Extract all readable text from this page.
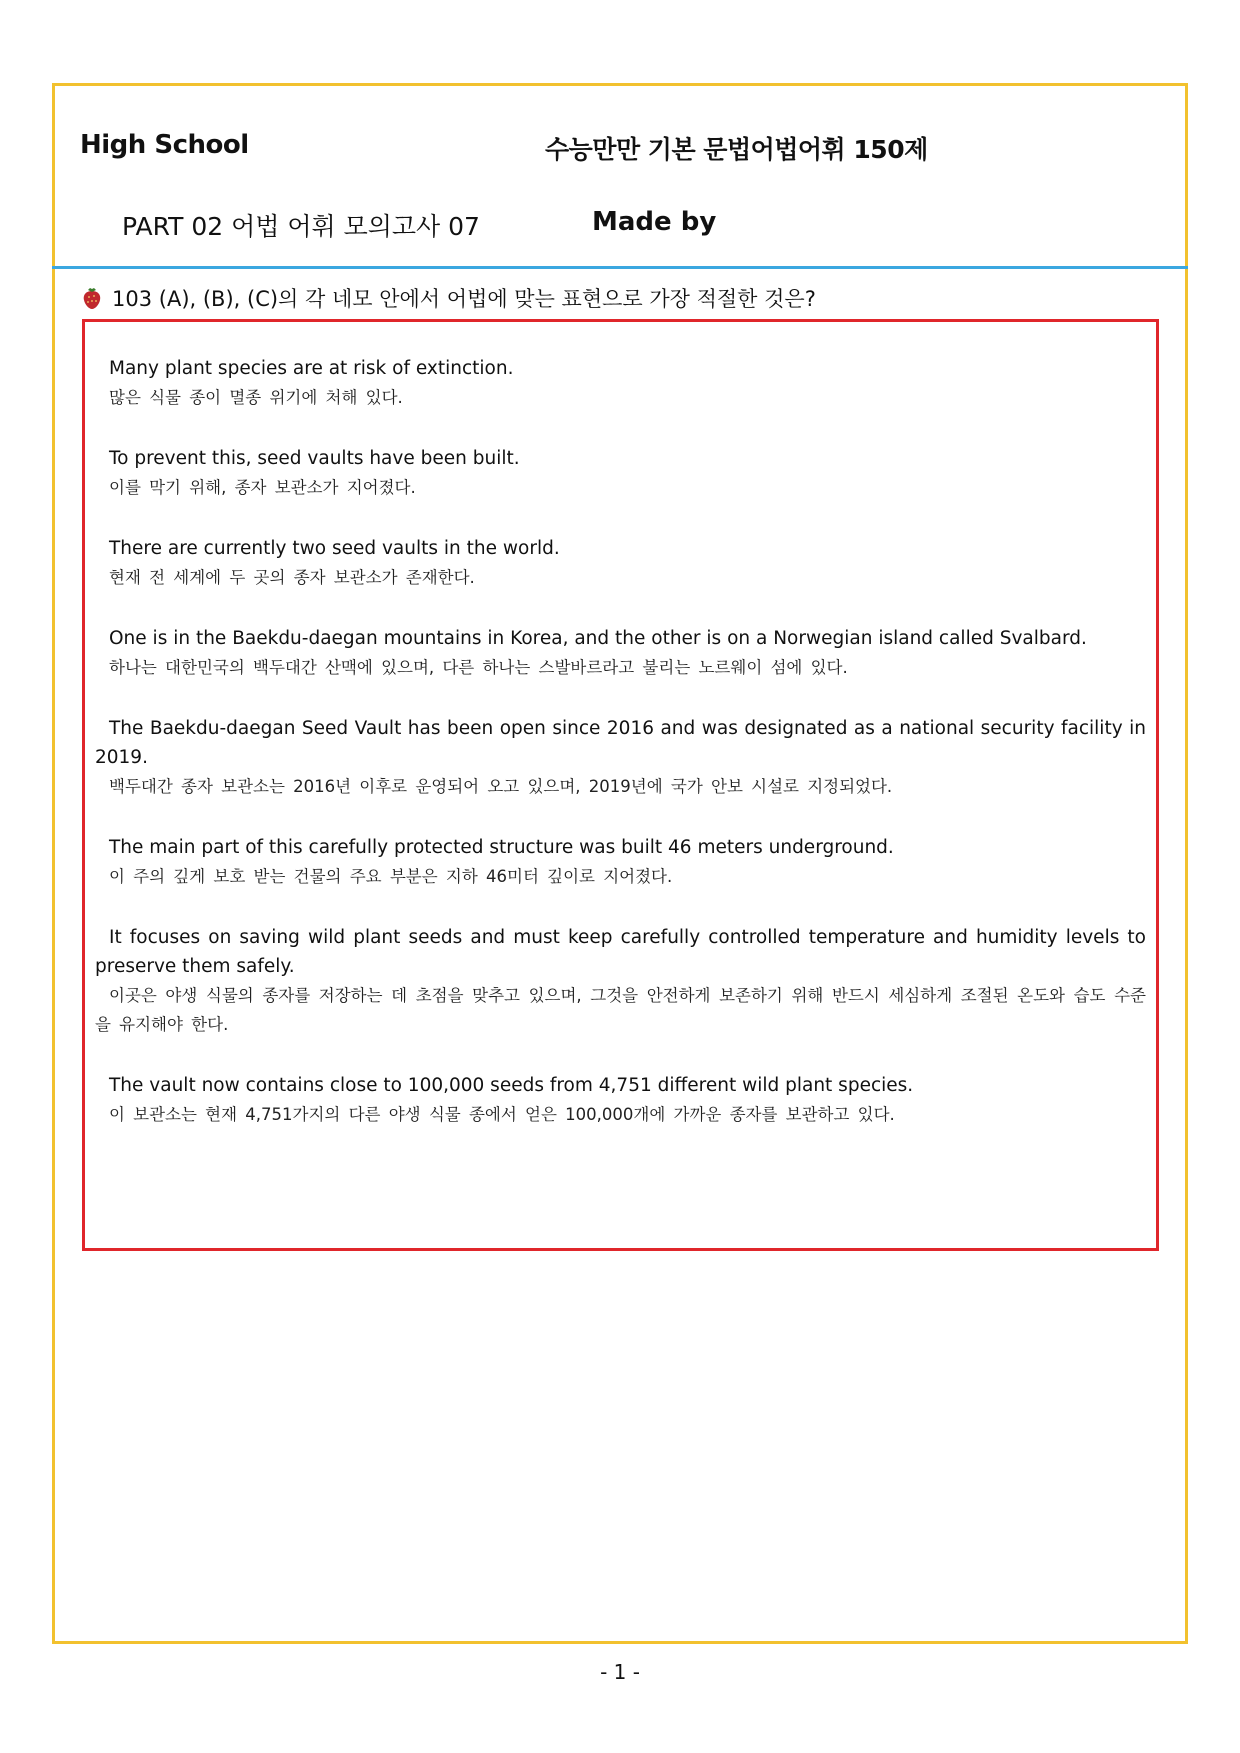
High School	수능만만 기본 문법어법어휘 150제
PART 02 어법 어휘 모의고사 07	Made by
103 (A), (B), (C)의 각 네모 안에서 어법에 맞는 표현으로 가장 적절한 것은?
Many plant species are at risk of extinction.
많은 식물 종이 멸종 위기에 처해 있다.
To prevent this, seed vaults have been built.
이를 막기 위해, 종자 보관소가 지어졌다.
There are currently two seed vaults in the world.
현재 전 세계에 두 곳의 종자 보관소가 존재한다.
One is in the Baekdu-daegan mountains in Korea, and the other is on a Norwegian island called Svalbard.
하나는 대한민국의 백두대간 산맥에 있으며, 다른 하나는 스발바르라고 불리는 노르웨이 섬에 있다.
The Baekdu-daegan Seed Vault has been open since 2016 and was designated as a national security facility in 2019.
백두대간 종자 보관소는 2016년 이후로 운영되어 오고 있으며, 2019년에 국가 안보 시설로 지정되었다.
The main part of this carefully protected structure was built 46 meters underground.
이 주의 깊게 보호 받는 건물의 주요 부분은 지하 46미터 깊이로 지어졌다.
It focuses on saving wild plant seeds and must keep carefully controlled temperature and humidity levels to preserve them safely.
이곳은 야생 식물의 종자를 저장하는 데 초점을 맞추고 있으며, 그것을 안전하게 보존하기 위해 반드시 세심하게 조절된 온도와 습도 수준을 유지해야 한다.
The vault now contains close to 100,000 seeds from 4,751 different wild plant species.
이 보관소는 현재 4,751가지의 다른 야생 식물 종에서 얻은 100,000개에 가까운 종자를 보관하고 있다.
- 1 -
